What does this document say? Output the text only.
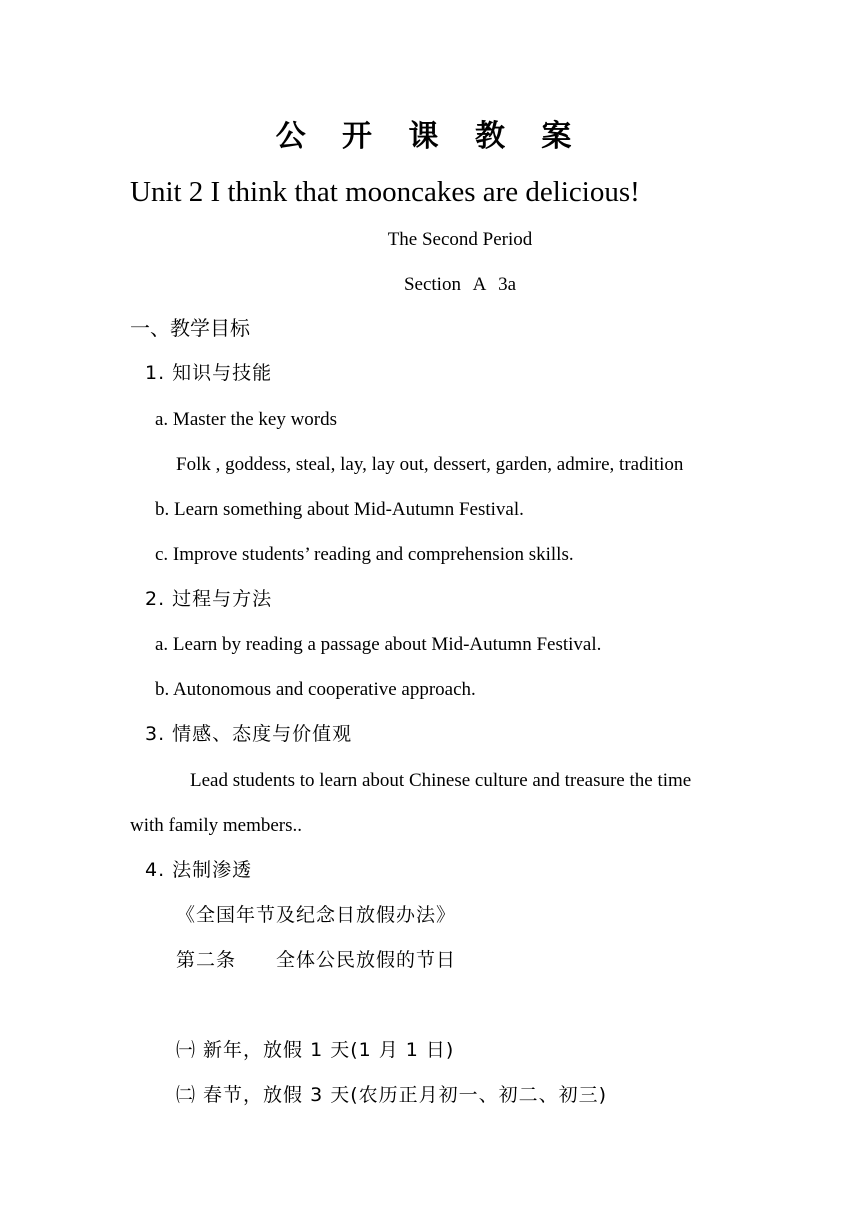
公 开 课 教 案
Unit 2 I think that mooncakes are delicious!
The Second Period
Section A 3a
一、教学目标
1. 知识与技能
a. Master the key words
Folk , goddess, steal, lay, lay out, dessert, garden, admire, tradition
b. Learn something about Mid-Autumn Festival.
c. Improve students’ reading and comprehension skills.
2. 过程与方法
a. Learn by reading a passage about Mid-Autumn Festival.
b. Autonomous and cooperative approach.
3. 情感、态度与价值观
Lead students to learn about Chinese culture and treasure the time
with family members..
4. 法制渗透
《全国年节及纪念日放假办法》
第二条　　全体公民放假的节日
㈠ 新年，放假 1 天(1 月 1 日)
㈡ 春节，放假 3 天(农历正月初一、初二、初三)
